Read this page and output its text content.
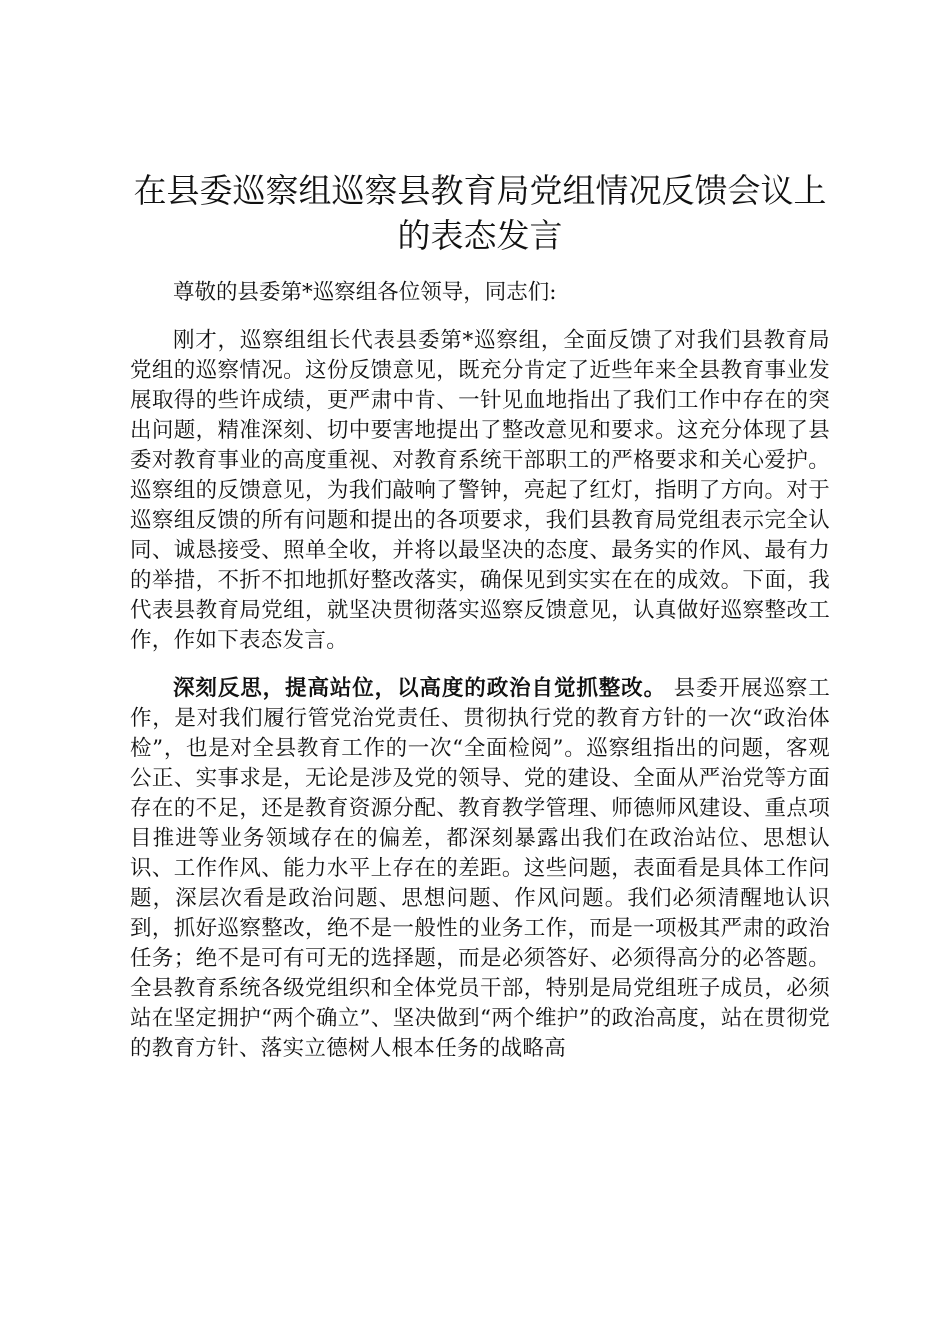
在县委巡察组巡察县教育局党组情况反馈会议上的表态发言

尊敬的县委第*巡察组各位领导，同志们:

刚才，巡察组组长代表县委第*巡察组，全面反馈了对我们县教育局党组的巡察情况。这份反馈意见，既充分肯定了近些年来全县教育事业发展取得的些许成绩，更严肃中肯、一针见血地指出了我们工作中存在的突出问题，精准深刻、切中要害地提出了整改意见和要求。这充分体现了县委对教育事业的高度重视、对教育系统干部职工的严格要求和关心爱护。巡察组的反馈意见，为我们敲响了警钟，亮起了红灯，指明了方向。对于巡察组反馈的所有问题和提出的各项要求，我们县教育局党组表示完全认同、诚恳接受、照单全收，并将以最坚决的态度、最务实的作风、最有力的举措，不折不扣地抓好整改落实，确保见到实实在在的成效。下面，我代表县教育局党组，就坚决贯彻落实巡察反馈意见，认真做好巡察整改工作，作如下表态发言。

深刻反思，提高站位，以高度的政治自觉抓整改。 县委开展巡察工作，是对我们履行管党治党责任、贯彻执行党的教育方针的一次“政治体检”，也是对全县教育工作的一次“全面检阅”。巡察组指出的问题，客观公正、实事求是，无论是涉及党的领导、党的建设、全面从严治党等方面存在的不足，还是教育资源分配、教育教学管理、师德师风建设、重点项目推进等业务领域存在的偏差，都深刻暴露出我们在政治站位、思想认识、工作作风、能力水平上存在的差距。这些问题，表面看是具体工作问题，深层次看是政治问题、思想问题、作风问题。我们必须清醒地认识到，抓好巡察整改，绝不是一般性的业务工作，而是一项极其严肃的政治任务；绝不是可有可无的选择题，而是必须答好、必须得高分的必答题。全县教育系统各级党组织和全体党员干部，特别是局党组班子成员，必须站在坚定拥护“两个确立”、坚决做到“两个维护”的政治高度，站在贯彻党的教育方针、落实立德树人根本任务的战略高
